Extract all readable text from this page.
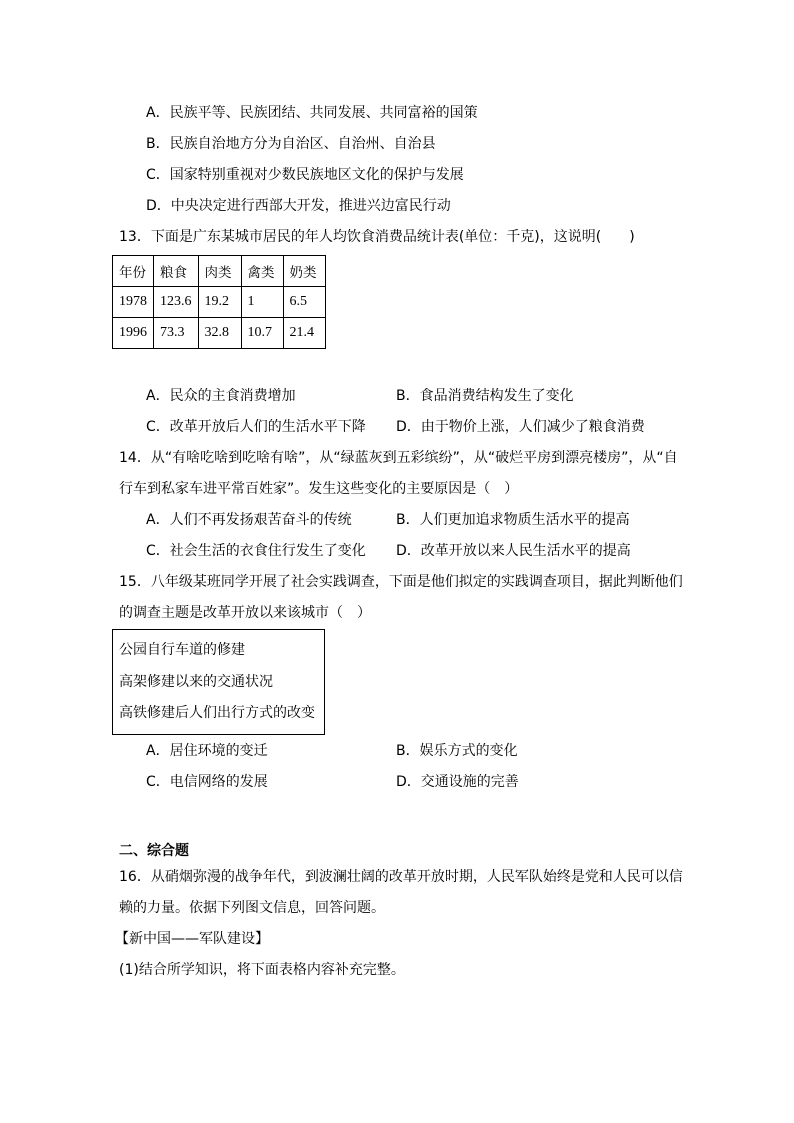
A．民族平等、民族团结、共同发展、共同富裕的国策
B．民族自治地方分为自治区、自治州、自治县
C．国家特别重视对少数民族地区文化的保护与发展
D．中央决定进行西部大开发，推进兴边富民行动
13．下面是广东某城市居民的年人均饮食消费品统计表(单位：千克)，这说明(　　)
年份	粮食	肉类	禽类	奶类
1978	123.6	19.2	1	6.5
1996	73.3	32.8	10.7	21.4
A．民众的主食消费增加	B．食品消费结构发生了变化
C．改革开放后人们的生活水平下降 D．由于物价上涨，人们减少了粮食消费
14．从“有啥吃啥到吃啥有啥”，从“绿蓝灰到五彩缤纷”，从“破烂平房到漂亮楼房”，从“自
行车到私家车进平常百姓家”。发生这些变化的主要原因是（　）
A．人们不再发扬艰苦奋斗的传统	B．人们更加追求物质生活水平的提高
C．社会生活的衣食住行发生了变化 D．改革开放以来人民生活水平的提高
15．八年级某班同学开展了社会实践调查，下面是他们拟定的实践调查项目，据此判断他们
的调查主题是改革开放以来该城市（　）
公园自行车道的修建
高架修建以来的交通状况
高铁修建后人们出行方式的改变
A．居住环境的变迁	B．娱乐方式的变化
C．电信网络的发展	D．交通设施的完善
二、综合题
16．从硝烟弥漫的战争年代，到波澜壮阔的改革开放时期，人民军队始终是党和人民可以信
赖的力量。依据下列图文信息，回答问题。
【新中国——军队建设】
(1)结合所学知识，将下面表格内容补充完整。
